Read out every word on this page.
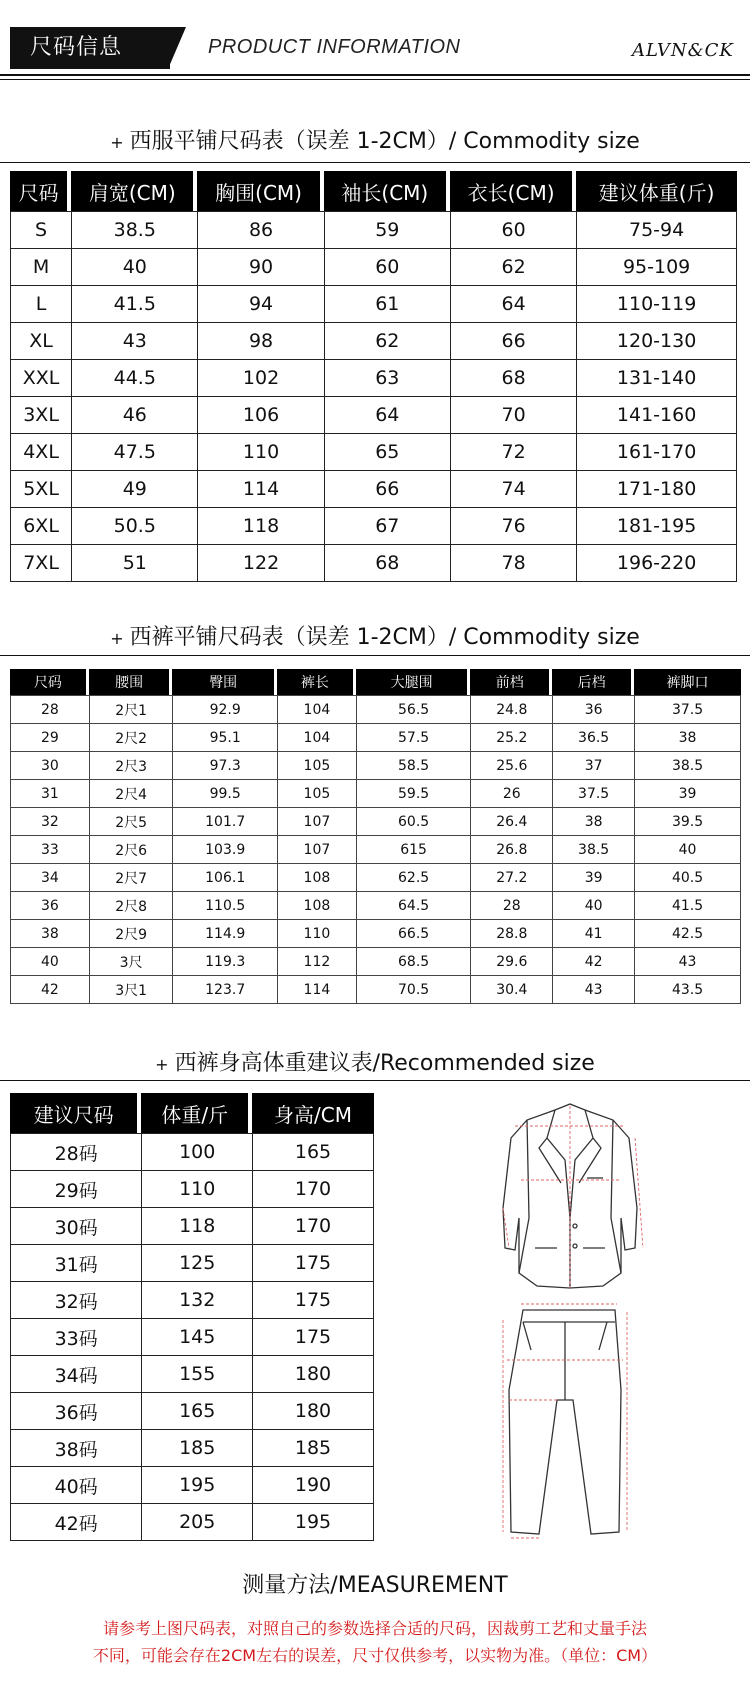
尺码信息	PRODUCT INFORMATION	ALVN&CK
+ 西服平铺尺码表（误差 1-2CM）/ Commodity size
尺码	肩宽(CM)	胸围(CM)	袖长(CM)	衣长(CM)	建议体重(斤)
S	38.5	86	59	60	75-94
M	40	90	60	62	95-109
L	41.5	94	61	64	110-119
XL	43	98	62	66	120-130
XXL	44.5	102	63	68	131-140
3XL	46	106	64	70	141-160
4XL	47.5	110	65	72	161-170
5XL	49	114	66	74	171-180
6XL	50.5	118	67	76	181-195
7XL	51	122	68	78	196-220
+ 西裤平铺尺码表（误差 1-2CM）/ Commodity size
尺码	腰围	臀围	裤长	大腿围	前档	后档	裤脚口
28	2尺1	92.9	104	56.5	24.8	36	37.5
29	2尺2	95.1	104	57.5	25.2	36.5	38
30	2尺3	97.3	105	58.5	25.6	37	38.5
31	2尺4	99.5	105	59.5	26	37.5	39
32	2尺5	101.7	107	60.5	26.4	38	39.5
33	2尺6	103.9	107	615	26.8	38.5	40
34	2尺7	106.1	108	62.5	27.2	39	40.5
36	2尺8	110.5	108	64.5	28	40	41.5
38	2尺9	114.9	110	66.5	28.8	41	42.5
40	3尺	119.3	112	68.5	29.6	42	43
42	3尺1	123.7	114	70.5	30.4	43	43.5
+ 西裤身高体重建议表/Recommended size
建议尺码	体重/斤	身高/CM
28码	100	165
29码	110	170
30码	118	170
31码	125	175
32码	132	175
33码	145	175
34码	155	180
36码	165	180
38码	185	185
40码	195	190
42码	205	195
测量方法/MEASUREMENT
请参考上图尺码表，对照自己的参数选择合适的尺码，因裁剪工艺和丈量手法
不同，可能会存在2CM左右的误差，尺寸仅供参考，以实物为准。（单位：CM）
